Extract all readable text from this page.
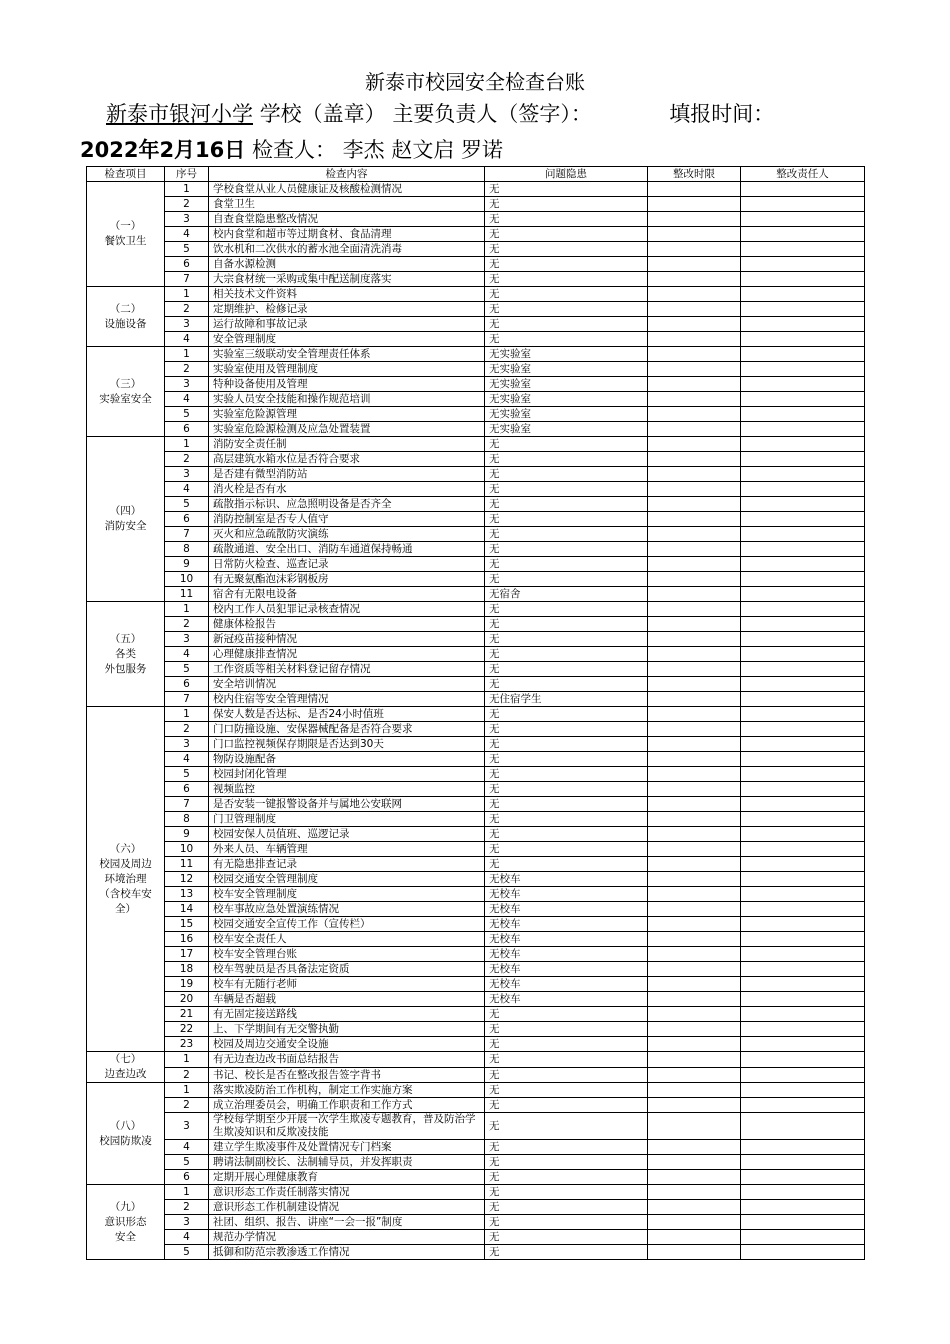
新泰市校园安全检查台账
新泰市银河小学 学校（盖章） 主要负责人（签字）：	填报时间：
2022年2月16日 检查人： 李杰 赵文启 罗诺
检查项目	序号	检查内容	问题隐患	整改时限	整改责任人
（一）
餐饮卫生	1	学校食堂从业人员健康证及核酸检测情况	无		
	2	食堂卫生	无		
	3	自查食堂隐患整改情况	无		
	4	校内食堂和超市等过期食材、食品清理	无		
	5	饮水机和二次供水的蓄水池全面清洗消毒	无		
	6	自备水源检测	无		
	7	大宗食材统一采购或集中配送制度落实	无		
（二）
设施设备	1	相关技术文件资料	无		
	2	定期维护、检修记录	无		
	3	运行故障和事故记录	无		
	4	安全管理制度	无		
（三）
实验室安全	1	实验室三级联动安全管理责任体系	无实验室		
	2	实验室使用及管理制度	无实验室		
	3	特种设备使用及管理	无实验室		
	4	实验人员安全技能和操作规范培训	无实验室		
	5	实验室危险源管理	无实验室		
	6	实验室危险源检测及应急处置装置	无实验室		
（四）
消防安全	1	消防安全责任制	无		
	2	高层建筑水箱水位是否符合要求	无		
	3	是否建有微型消防站	无		
	4	消火栓是否有水	无		
	5	疏散指示标识、应急照明设备是否齐全	无		
	6	消防控制室是否专人值守	无		
	7	灭火和应急疏散防灾演练	无		
	8	疏散通道、安全出口、消防车通道保持畅通	无		
	9	日常防火检查、巡查记录	无		
	10	有无聚氨酯泡沫彩钢板房	无		
	11	宿舍有无限电设备	无宿舍		
（五）
各类
外包服务	1	校内工作人员犯罪记录核查情况	无		
	2	健康体检报告	无		
	3	新冠疫苗接种情况	无		
	4	心理健康排查情况	无		
	5	工作资质等相关材料登记留存情况	无		
	6	安全培训情况	无		
	7	校内住宿等安全管理情况	无住宿学生		
（六）
校园及周边
环境治理
（含校车安
全）	1	保安人数是否达标、是否24小时值班	无		
	2	门口防撞设施、安保器械配备是否符合要求	无		
	3	门口监控视频保存期限是否达到30天	无		
	4	物防设施配备	无		
	5	校园封闭化管理	无		
	6	视频监控	无		
	7	是否安装一键报警设备并与属地公安联网	无		
	8	门卫管理制度	无		
	9	校园安保人员值班、巡逻记录	无		
	10	外来人员、车辆管理	无		
	11	有无隐患排查记录	无		
	12	校园交通安全管理制度	无校车		
	13	校车安全管理制度	无校车		
	14	校车事故应急处置演练情况	无校车		
	15	校园交通安全宣传工作（宣传栏）	无校车		
	16	校车安全责任人	无校车		
	17	校车安全管理台账	无校车		
	18	校车驾驶员是否具备法定资质	无校车		
	19	校车有无随行老师	无校车		
	20	车辆是否超载	无校车		
	21	有无固定接送路线	无		
	22	上、下学期间有无交警执勤	无		
	23	校园及周边交通安全设施	无		
（七）
边查边改	1	有无边查边改书面总结报告	无		
	2	书记、校长是否在整改报告签字背书	无		
（八）
校园防欺凌	1	落实欺凌防治工作机构，制定工作实施方案	无		
	2	成立治理委员会，明确工作职责和工作方式	无		
	3	学校每学期至少开展一次学生欺凌专题教育，普及防治学生欺凌知识和反欺凌技能	无		
	4	建立学生欺凌事件及处置情况专门档案	无		
	5	聘请法制副校长、法制辅导员，并发挥职责	无		
	6	定期开展心理健康教育	无		
（九）
意识形态
安全	1	意识形态工作责任制落实情况	无		
	2	意识形态工作机制建设情况	无		
	3	社团、组织、报告、讲座“一会一报”制度	无		
	4	规范办学情况	无		
	5	抵御和防范宗教渗透工作情况	无		
